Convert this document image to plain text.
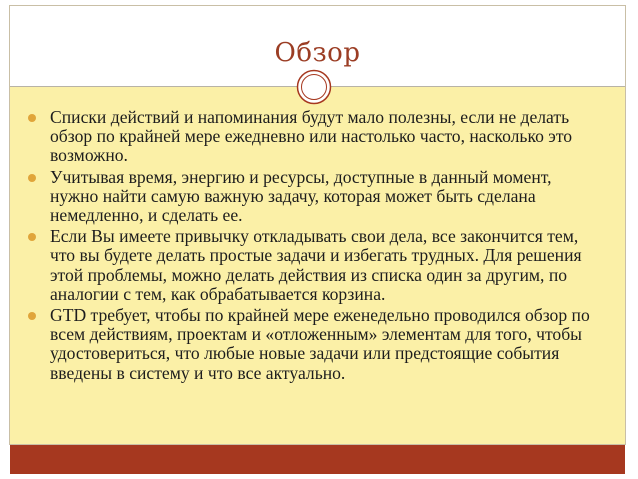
Обзор
Списки действий и напоминания будут мало полезны, если не делать обзор по крайней мере ежедневно или настолько часто, насколько это возможно.
Учитывая время, энергию и ресурсы, доступные в данный момент, нужно найти самую важную задачу, которая может быть сделана немедленно, и сделать ее.
Если Вы имеете привычку откладывать свои дела, все закончится тем, что вы будете делать простые задачи и избегать трудных. Для решения этой проблемы, можно делать действия из списка один за другим, по аналогии с тем, как обрабатывается корзина.
GTD требует, чтобы по крайней мере еженедельно проводился обзор по всем действиям, проектам и «отложенным» элементам для того, чтобы удостовериться, что любые новые задачи или предстоящие события введены в систему и что все актуально.
